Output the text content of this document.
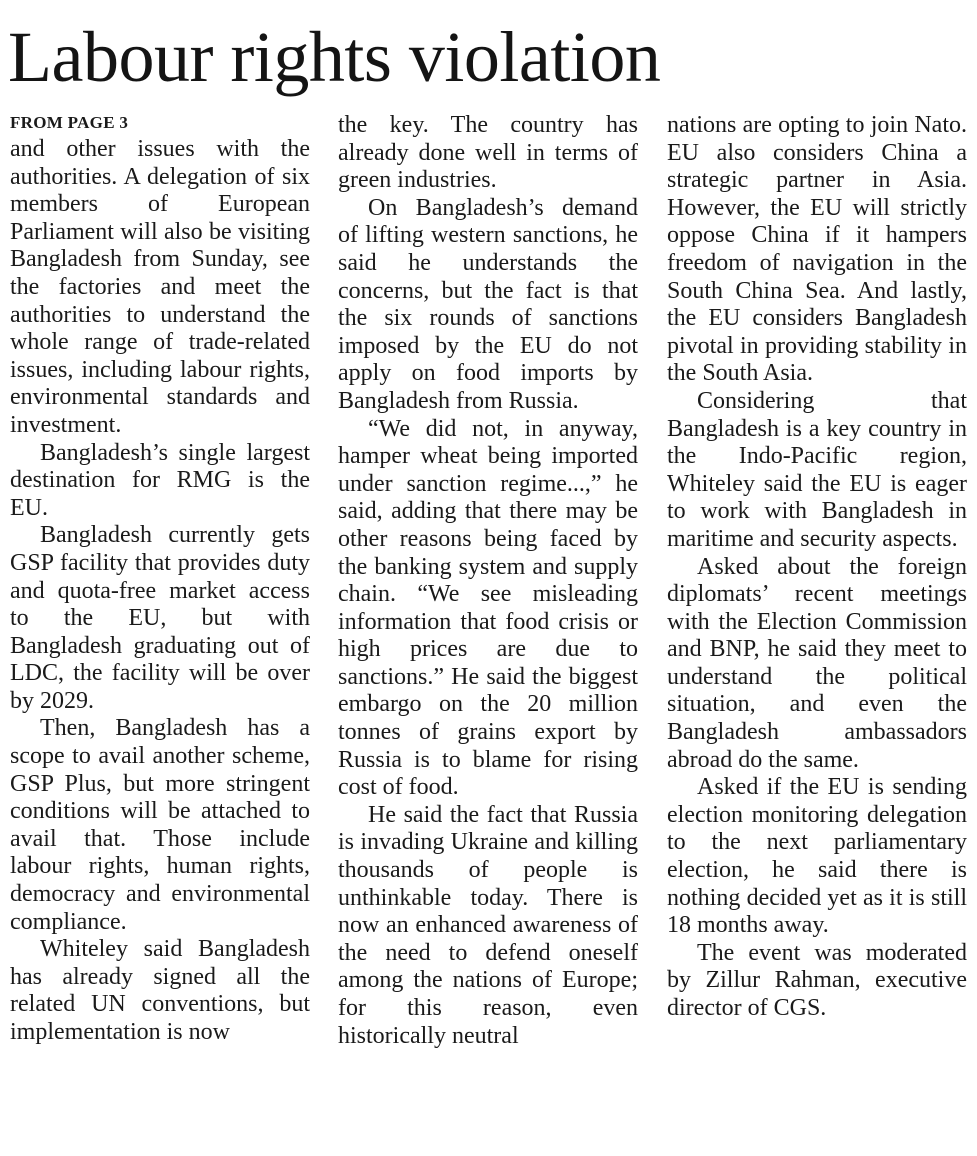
Labour rights violation
FROM PAGE 3

and other issues with the authorities. A delegation of six members of European Parliament will also be visiting Bangladesh from Sunday, see the factories and meet the authorities to understand the whole range of trade-related issues, including labour rights, environmental standards and investment.

Bangladesh’s single largest destination for RMG is the EU.

Bangladesh currently gets GSP facility that provides duty and quota-free market access to the EU, but with Bangladesh graduating out of LDC, the facility will be over by 2029.

Then, Bangladesh has a scope to avail another scheme, GSP Plus, but more stringent conditions will be attached to avail that. Those include labour rights, human rights, democracy and environmental compliance.

Whiteley said Bangladesh has already signed all the related UN conventions, but implementation is now

the key. The country has already done well in terms of green industries.

On Bangladesh’s demand of lifting western sanctions, he said he understands the concerns, but the fact is that the six rounds of sanctions imposed by the EU do not apply on food imports by Bangladesh from Russia.

“We did not, in anyway, hamper wheat being imported under sanction regime...,” he said, adding that there may be other reasons being faced by the banking system and supply chain. “We see misleading information that food crisis or high prices are due to sanctions.” He said the biggest embargo on the 20 million tonnes of grains export by Russia is to blame for rising cost of food.

He said the fact that Russia is invading Ukraine and killing thousands of people is unthinkable today. There is now an enhanced awareness of the need to defend oneself among the nations of Europe; for this reason, even historically neutral

nations are opting to join Nato. EU also considers China a strategic partner in Asia. However, the EU will strictly oppose China if it hampers freedom of navigation in the South China Sea. And lastly, the EU considers Bangladesh pivotal in providing stability in the South Asia.

Considering that Bangladesh is a key country in the Indo-Pacific region, Whiteley said the EU is eager to work with Bangladesh in maritime and security aspects.

Asked about the foreign diplomats’ recent meetings with the Election Commission and BNP, he said they meet to understand the political situation, and even the Bangladesh ambassadors abroad do the same.

Asked if the EU is sending election monitoring delegation to the next parliamentary election, he said there is nothing decided yet as it is still 18 months away.

The event was moderated by Zillur Rahman, executive director of CGS.
